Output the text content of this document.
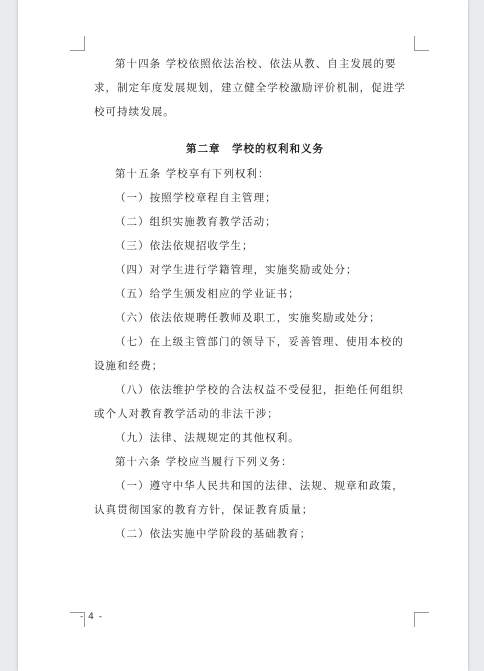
第十四条 学校依照依法治校、依法从教、自主发展的要
求，制定年度发展规划，建立健全学校激励评价机制，促进学
校可持续发展。
第二章　学校的权利和义务
第十五条 学校享有下列权利：
（一）按照学校章程自主管理；
（二）组织实施教育教学活动；
（三）依法依规招收学生；
（四）对学生进行学籍管理，实施奖励或处分；
（五）给学生颁发相应的学业证书；
（六）依法依规聘任教师及职工，实施奖励或处分；
（七）在上级主管部门的领导下，妥善管理、使用本校的
设施和经费；
（八）依法维护学校的合法权益不受侵犯，拒绝任何组织
或个人对教育教学活动的非法干涉；
（九）法律、法规规定的其他权利。
第十六条 学校应当履行下列义务：
（一）遵守中华人民共和国的法律、法规、规章和政策，
认真贯彻国家的教育方针，保证教育质量；
（二）依法实施中学阶段的基础教育；
- 4 -
